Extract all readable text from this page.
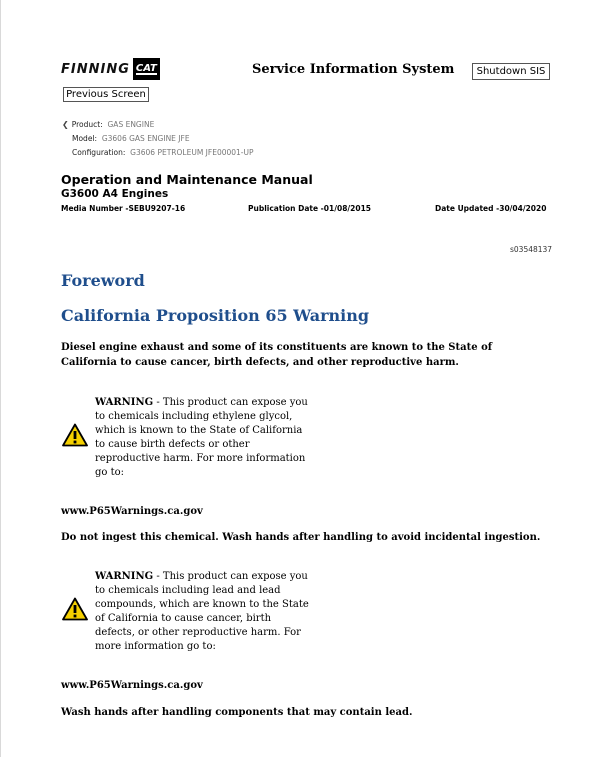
FINNING CAT	Service Information System	Shutdown SIS
Previous Screen
❮ Product: GAS ENGINE
Model: G3606 GAS ENGINE JFE
Configuration: G3606 PETROLEUM JFE00001-UP
Operation and Maintenance Manual
G3600 A4 Engines
Media Number -SEBU9207-16	Publication Date -01/08/2015	Date Updated -30/04/2020
s03548137
Foreword
California Proposition 65 Warning
Diesel engine exhaust and some of its constituents are known to the State of California to cause cancer, birth defects, and other reproductive harm.
WARNING - This product can expose you to chemicals including ethylene glycol, which is known to the State of California to cause birth defects or other reproductive harm. For more information go to:
www.P65Warnings.ca.gov
Do not ingest this chemical. Wash hands after handling to avoid incidental ingestion.
WARNING - This product can expose you to chemicals including lead and lead compounds, which are known to the State of California to cause cancer, birth defects, or other reproductive harm. For more information go to:
www.P65Warnings.ca.gov
Wash hands after handling components that may contain lead.
